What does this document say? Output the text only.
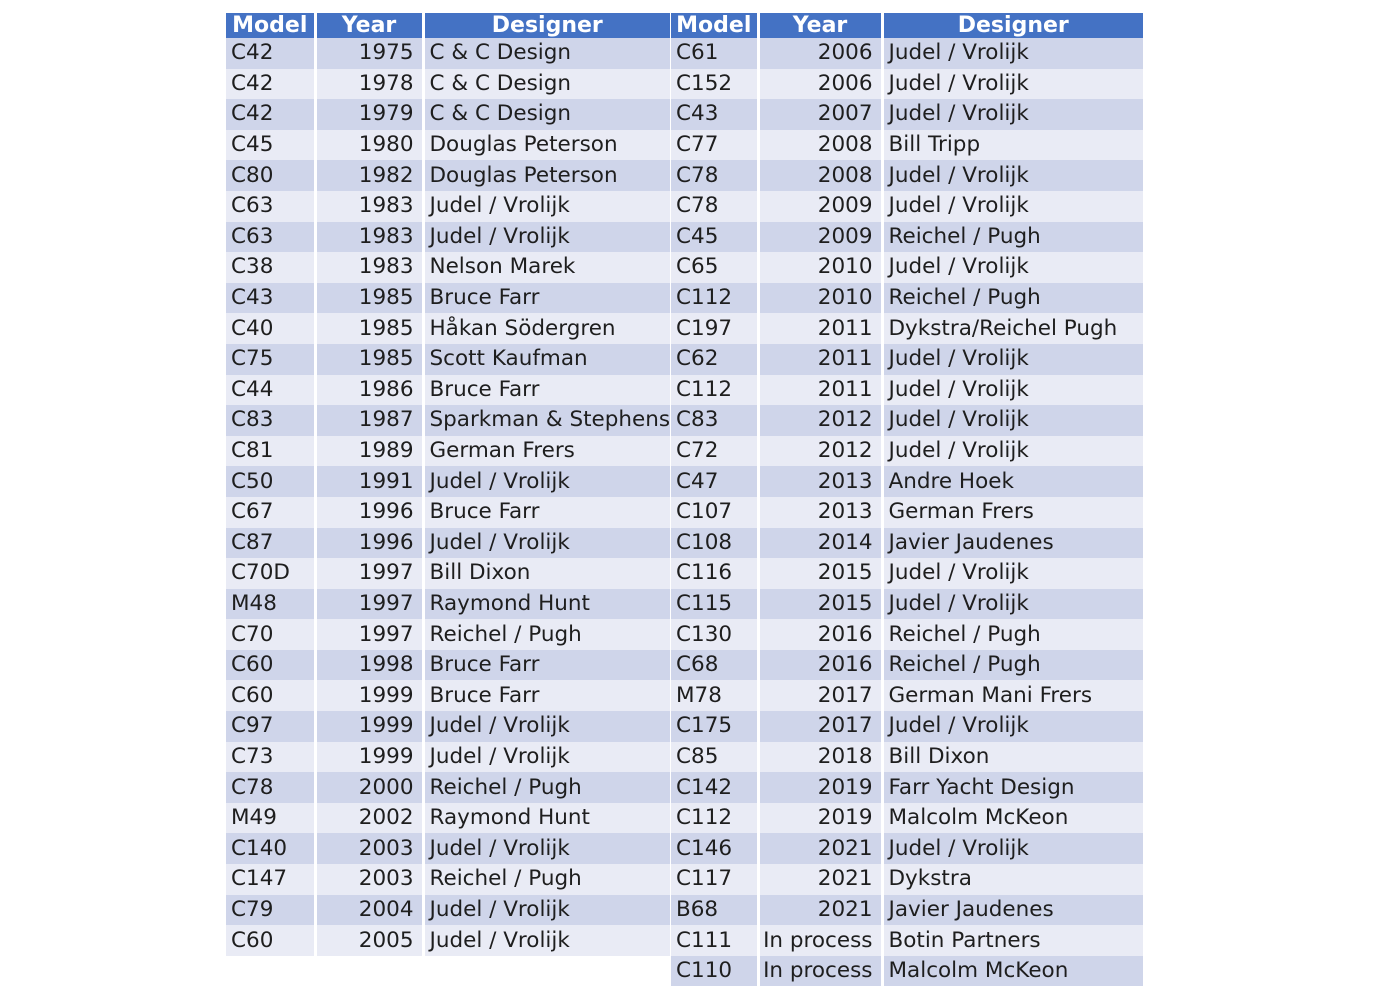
Model	Year	Designer
C42	1975	C & C Design
C42	1978	C & C Design
C42	1979	C & C Design
C45	1980	Douglas Peterson
C80	1982	Douglas Peterson
C63	1983	Judel / Vrolijk
C63	1983	Judel / Vrolijk
C38	1983	Nelson Marek
C43	1985	Bruce Farr
C40	1985	Håkan Södergren
C75	1985	Scott Kaufman
C44	1986	Bruce Farr
C83	1987	Sparkman & Stephens
C81	1989	German Frers
C50	1991	Judel / Vrolijk
C67	1996	Bruce Farr
C87	1996	Judel / Vrolijk
C70D	1997	Bill Dixon
M48	1997	Raymond Hunt
C70	1997	Reichel / Pugh
C60	1998	Bruce Farr
C60	1999	Bruce Farr
C97	1999	Judel / Vrolijk
C73	1999	Judel / Vrolijk
C78	2000	Reichel / Pugh
M49	2002	Raymond Hunt
C140	2003	Judel / Vrolijk
C147	2003	Reichel / Pugh
C79	2004	Judel / Vrolijk
C60	2005	Judel / Vrolijk
Model	Year	Designer
C61	2006	Judel / Vrolijk
C152	2006	Judel / Vrolijk
C43	2007	Judel / Vrolijk
C77	2008	Bill Tripp
C78	2008	Judel / Vrolijk
C78	2009	Judel / Vrolijk
C45	2009	Reichel / Pugh
C65	2010	Judel / Vrolijk
C112	2010	Reichel / Pugh
C197	2011	Dykstra/Reichel Pugh
C62	2011	Judel / Vrolijk
C112	2011	Judel / Vrolijk
C83	2012	Judel / Vrolijk
C72	2012	Judel / Vrolijk
C47	2013	Andre Hoek
C107	2013	German Frers
C108	2014	Javier Jaudenes
C116	2015	Judel / Vrolijk
C115	2015	Judel / Vrolijk
C130	2016	Reichel / Pugh
C68	2016	Reichel / Pugh
M78	2017	German Mani Frers
C175	2017	Judel / Vrolijk
C85	2018	Bill Dixon
C142	2019	Farr Yacht Design
C112	2019	Malcolm McKeon
C146	2021	Judel / Vrolijk
C117	2021	Dykstra
B68	2021	Javier Jaudenes
C111	In process	Botin Partners
C110	In process	Malcolm McKeon
